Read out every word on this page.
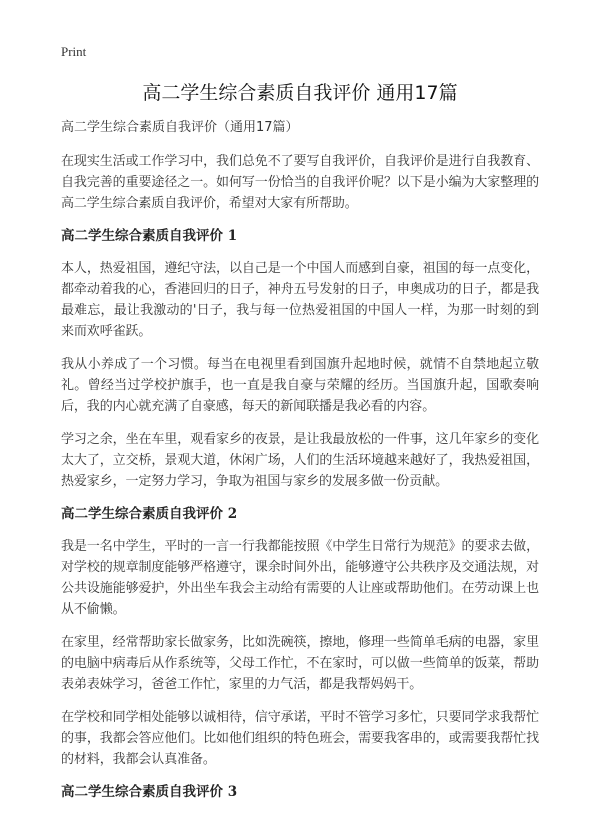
Print
高二学生综合素质自我评价 通用17篇
高二学生综合素质自我评价（通用17篇）

在现实生活或工作学习中，我们总免不了要写自我评价，自我评价是进行自我教育、自我完善的重要途径之一。如何写一份恰当的自我评价呢？以下是小编为大家整理的高二学生综合素质自我评价，希望对大家有所帮助。

高二学生综合素质自我评价 1

本人，热爱祖国，遵纪守法，以自己是一个中国人而感到自豪，祖国的每一点变化，都牵动着我的心，香港回归的日子，神舟五号发射的日子，申奥成功的日子，都是我最难忘，最让我激动的'日子，我与每一位热爱祖国的中国人一样，为那一时刻的到来而欢呼雀跃。

我从小养成了一个习惯。每当在电视里看到国旗升起地时候，就情不自禁地起立敬礼。曾经当过学校护旗手，也一直是我自豪与荣耀的经历。当国旗升起，国歌奏响后，我的内心就充满了自豪感，每天的新闻联播是我必看的内容。

学习之余，坐在车里，观看家乡的夜景，是让我最放松的一件事，这几年家乡的变化太大了，立交桥，景观大道，休闲广场，人们的生活环境越来越好了，我热爱祖国，热爱家乡，一定努力学习，争取为祖国与家乡的发展多做一份贡献。

高二学生综合素质自我评价 2

我是一名中学生，平时的一言一行我都能按照《中学生日常行为规范》的要求去做，对学校的规章制度能够严格遵守，课余时间外出，能够遵守公共秩序及交通法规，对公共设施能够爱护，外出坐车我会主动给有需要的人让座或帮助他们。在劳动课上也从不偷懒。

在家里，经常帮助家长做家务，比如洗碗筷，擦地，修理一些简单毛病的电器，家里的电脑中病毒后从作系统等，父母工作忙，不在家时，可以做一些简单的饭菜，帮助表弟表妹学习，爸爸工作忙，家里的力气活，都是我帮妈妈干。

在学校和同学相处能够以诚相待，信守承诺，平时不管学习多忙，只要同学求我帮忙的事，我都会答应他们。比如他们组织的特色班会，需要我客串的，或需要我帮忙找的材料，我都会认真准备。

高二学生综合素质自我评价 3
